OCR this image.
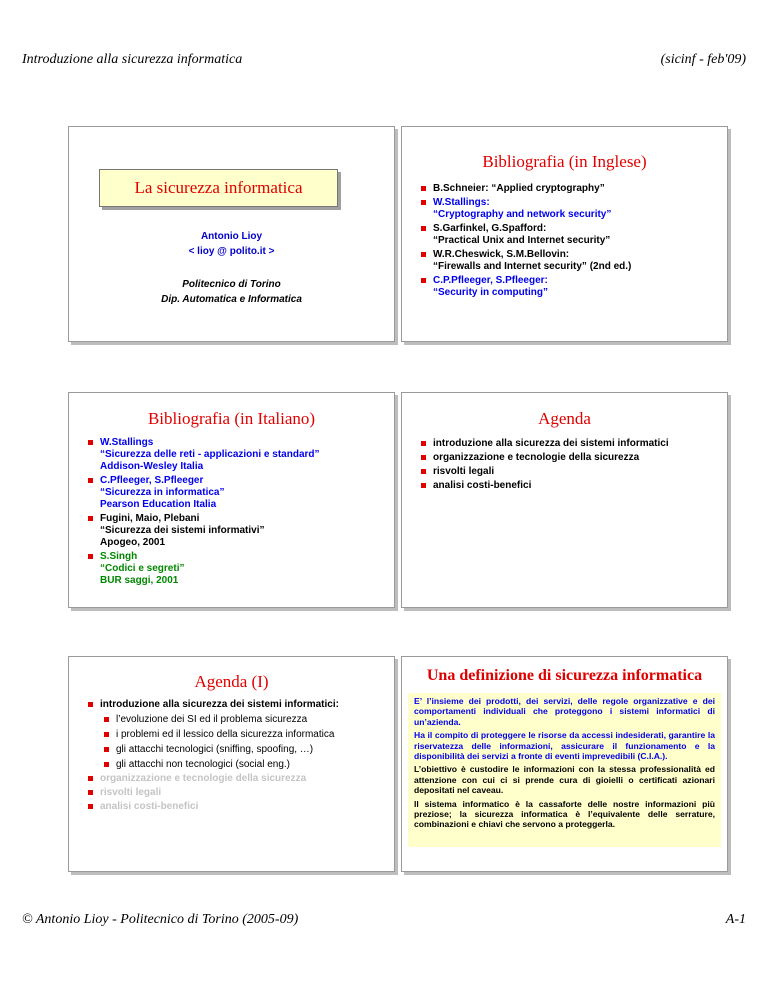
Introduzione alla sicurezza informatica	(sicinf - feb'09)
La sicurezza informatica
Antonio Lioy
< lioy @ polito.it >
Politecnico di Torino
Dip. Automatica e Informatica
Bibliografia (in Inglese)
B.Schneier: “Applied cryptography”
W.Stallings:
“Cryptography and network security”
S.Garfinkel, G.Spafford:
“Practical Unix and Internet security”
W.R.Cheswick, S.M.Bellovin:
“Firewalls and Internet security” (2nd ed.)
C.P.Pfleeger, S.Pfleeger:
“Security in computing”
Bibliografia (in Italiano)
W.Stallings
“Sicurezza delle reti - applicazioni e standard”
Addison-Wesley Italia
C.Pfleeger, S.Pfleeger
“Sicurezza in informatica”
Pearson Education Italia
Fugini, Maio, Plebani
“Sicurezza dei sistemi informativi”
Apogeo, 2001
S.Singh
“Codici e segreti”
BUR saggi, 2001
Agenda
introduzione alla sicurezza dei sistemi informatici
organizzazione e tecnologie della sicurezza
risvolti legali
analisi costi-benefici
Agenda (I)
introduzione alla sicurezza dei sistemi informatici:
l’evoluzione dei SI ed il problema sicurezza
i problemi ed il lessico della sicurezza informatica
gli attacchi tecnologici (sniffing, spoofing, …)
gli attacchi non tecnologici (social eng.)
organizzazione e tecnologie della sicurezza
risvolti legali
analisi costi-benefici
Una definizione di sicurezza informatica

E’ l’insieme dei prodotti, dei servizi, delle regole organizzative e dei comportamenti individuali che proteggono i sistemi informatici di un’azienda.

Ha il compito di proteggere le risorse da accessi indesiderati, garantire la riservatezza delle informazioni, assicurare il funzionamento e la disponibilità dei servizi a fronte di eventi imprevedibili (C.I.A.).

L’obiettivo è custodire le informazioni con la stessa professionalità ed attenzione con cui ci si prende cura di gioielli o certificati azionari depositati nel caveau.

Il sistema informatico è la cassaforte delle nostre informazioni più preziose; la sicurezza informatica è l’equivalente delle serrature, combinazioni e chiavi che servono a proteggerla.

© Antonio Lioy - Politecnico di Torino (2005-09)	A-1
